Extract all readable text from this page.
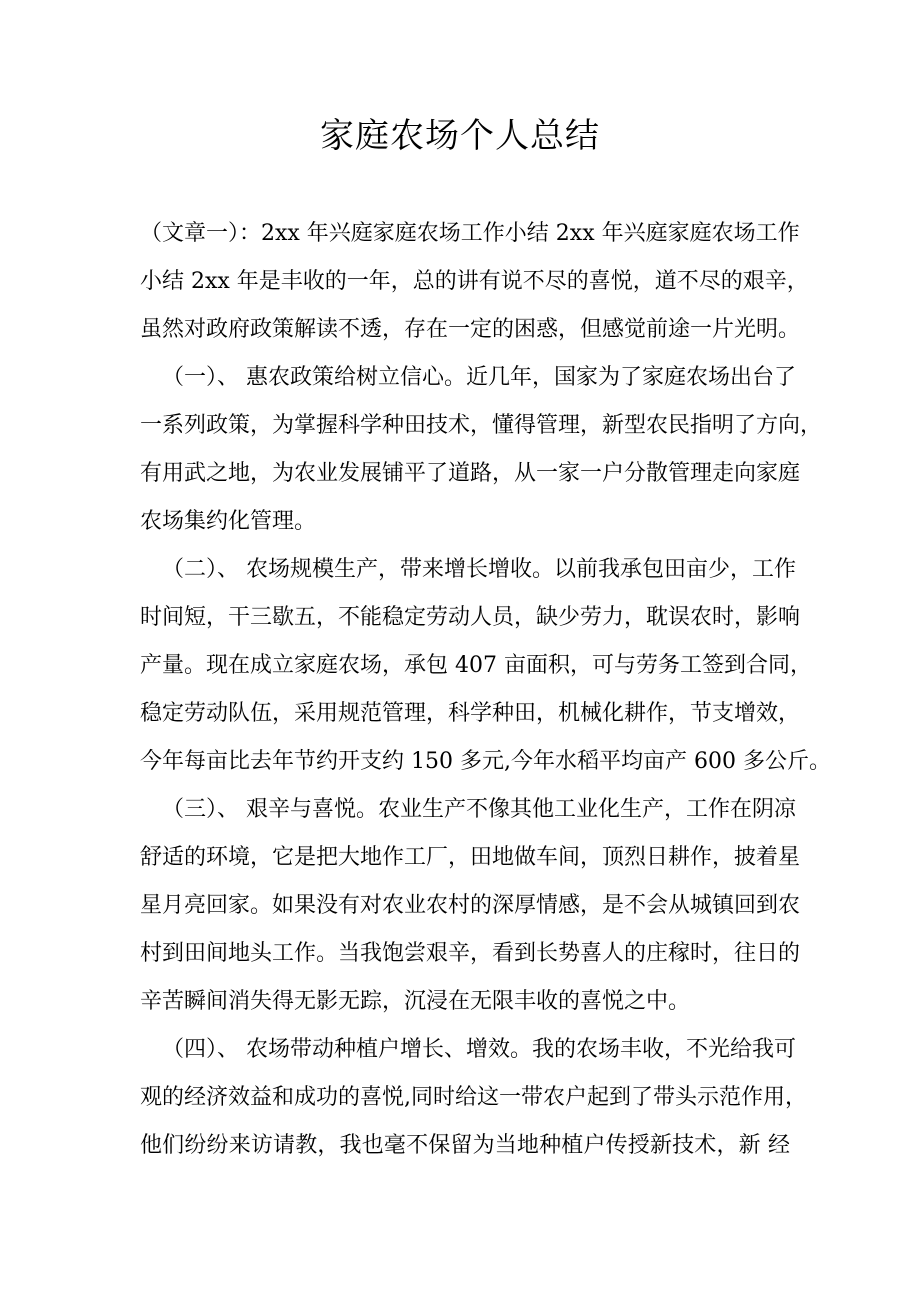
家庭农场个人总结

（文章一）：2xx 年兴庭家庭农场工作小结 2xx 年兴庭家庭农场工作
小结 2xx 年是丰收的一年，总的讲有说不尽的喜悦，道不尽的艰辛，
虽然对政府政策解读不透，存在一定的困惑，但感觉前途一片光明。

（一）、 惠农政策给树立信心。近几年，国家为了家庭农场出台了
一系列政策，为掌握科学种田技术，懂得管理，新型农民指明了方向，
有用武之地，为农业发展铺平了道路，从一家一户分散管理走向家庭
农场集约化管理。

（二）、 农场规模生产，带来增长增收。以前我承包田亩少，工作
时间短，干三歇五，不能稳定劳动人员，缺少劳力，耽误农时，影响
产量。现在成立家庭农场，承包 407 亩面积，可与劳务工签到合同，
稳定劳动队伍，采用规范管理，科学种田，机械化耕作，节支增效，
今年每亩比去年节约开支约 150 多元,今年水稻平均亩产 600 多公斤。

（三）、 艰辛与喜悦。农业生产不像其他工业化生产，工作在阴凉
舒适的环境，它是把大地作工厂，田地做车间，顶烈日耕作，披着星
星月亮回家。如果没有对农业农村的深厚情感，是不会从城镇回到农
村到田间地头工作。当我饱尝艰辛，看到长势喜人的庄稼时，往日的
辛苦瞬间消失得无影无踪，沉浸在无限丰收的喜悦之中。

（四）、 农场带动种植户增长、增效。我的农场丰收，不光给我可
观的经济效益和成功的喜悦,同时给这一带农户起到了带头示范作用，
他们纷纷来访请教，我也毫不保留为当地种植户传授新技术，新 经
